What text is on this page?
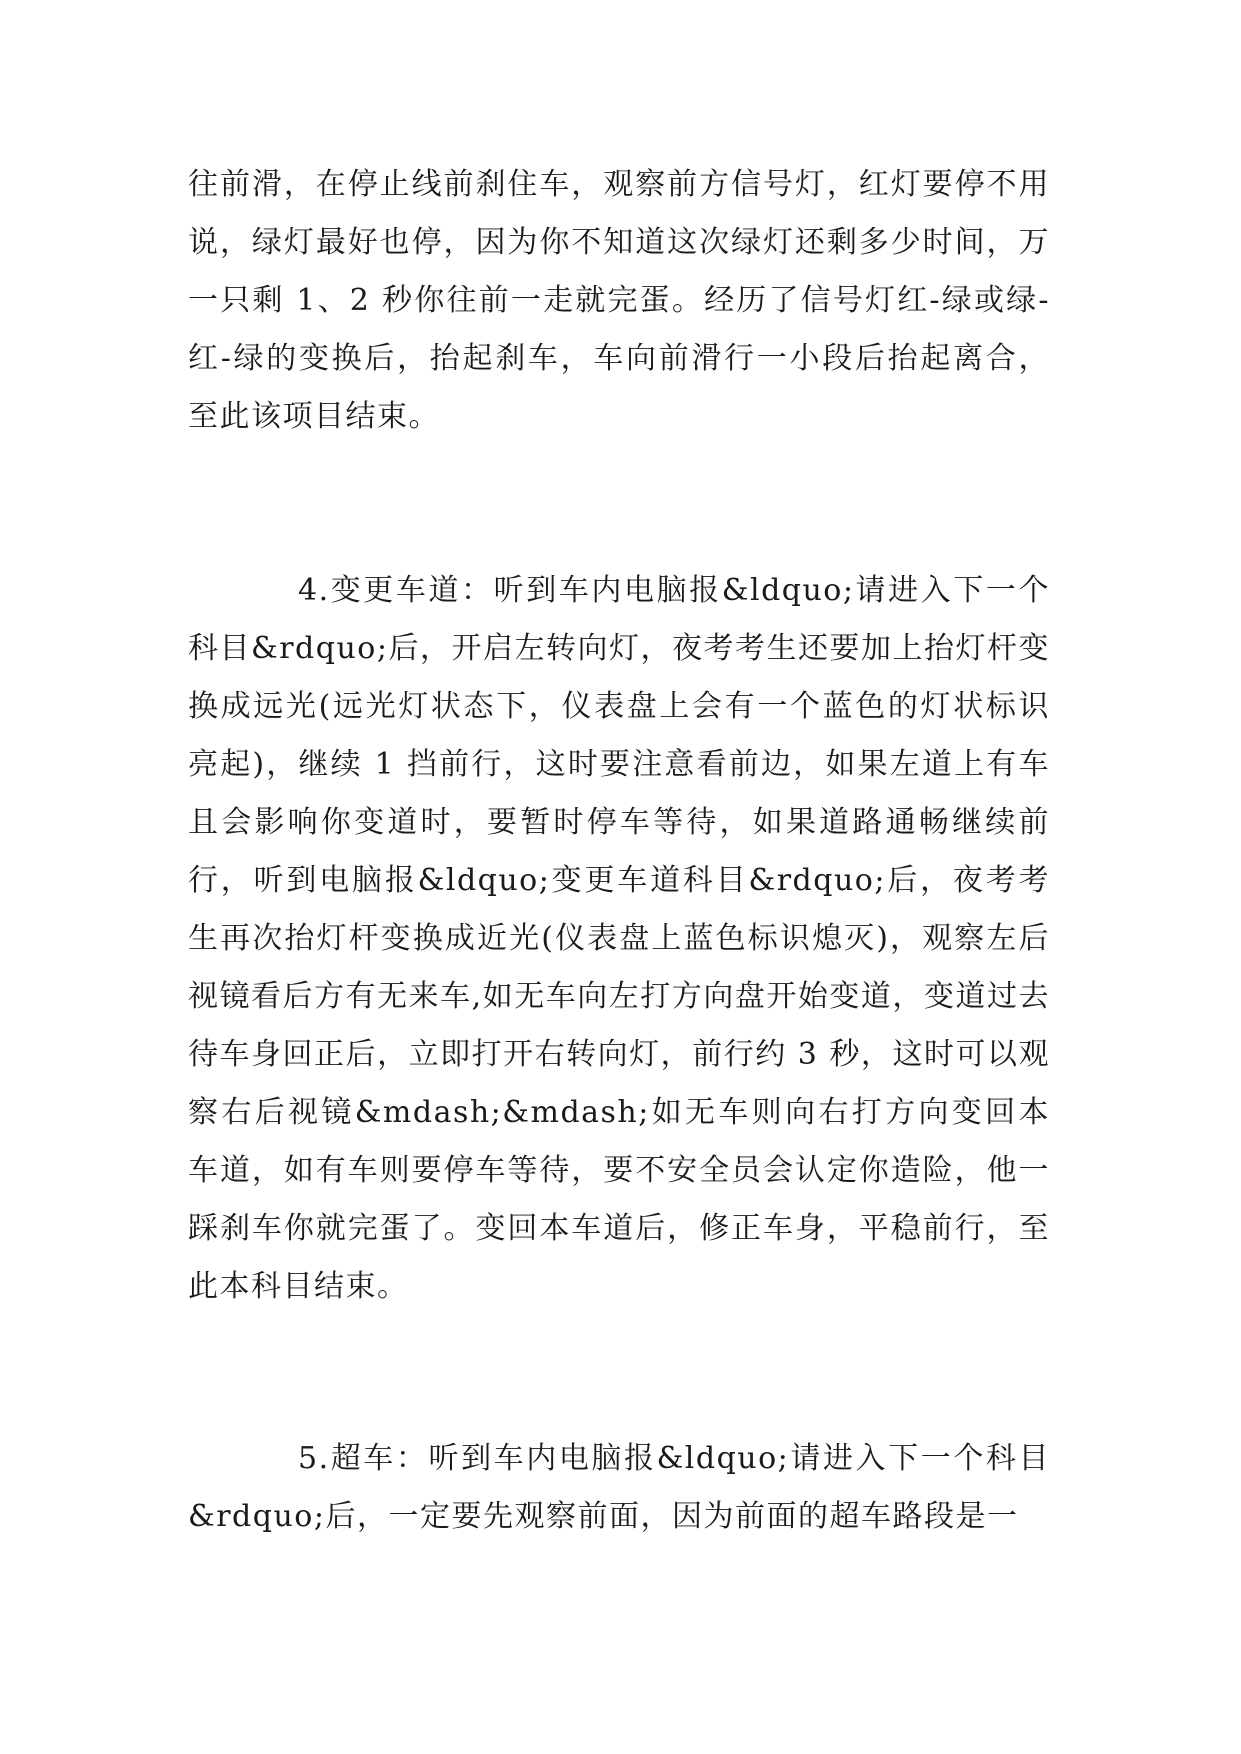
往前滑，在停止线前刹住车，观察前方信号灯，红灯要停不用说，绿灯最好也停，因为你不知道这次绿灯还剩多少时间，万一只剩 1、2 秒你往前一走就完蛋。经历了信号灯红-绿或绿-红-绿的变换后，抬起刹车，车向前滑行一小段后抬起离合，至此该项目结束。

4.变更车道：听到车内电脑报&ldquo;请进入下一个科目&rdquo;后，开启左转向灯，夜考考生还要加上抬灯杆变换成远光(远光灯状态下，仪表盘上会有一个蓝色的灯状标识亮起)，继续 1 挡前行，这时要注意看前边，如果左道上有车且会影响你变道时，要暂时停车等待，如果道路通畅继续前行，听到电脑报&ldquo;变更车道科目&rdquo;后，夜考考生再次抬灯杆变换成近光(仪表盘上蓝色标识熄灭)，观察左后视镜看后方有无来车,如无车向左打方向盘开始变道，变道过去待车身回正后，立即打开右转向灯，前行约 3 秒，这时可以观察右后视镜&mdash;&mdash;如无车则向右打方向变回本车道，如有车则要停车等待，要不安全员会认定你造险，他一踩刹车你就完蛋了。变回本车道后，修正车身，平稳前行，至此本科目结束。

5.超车：听到车内电脑报&ldquo;请进入下一个科目&rdquo;后，一定要先观察前面，因为前面的超车路段是一
